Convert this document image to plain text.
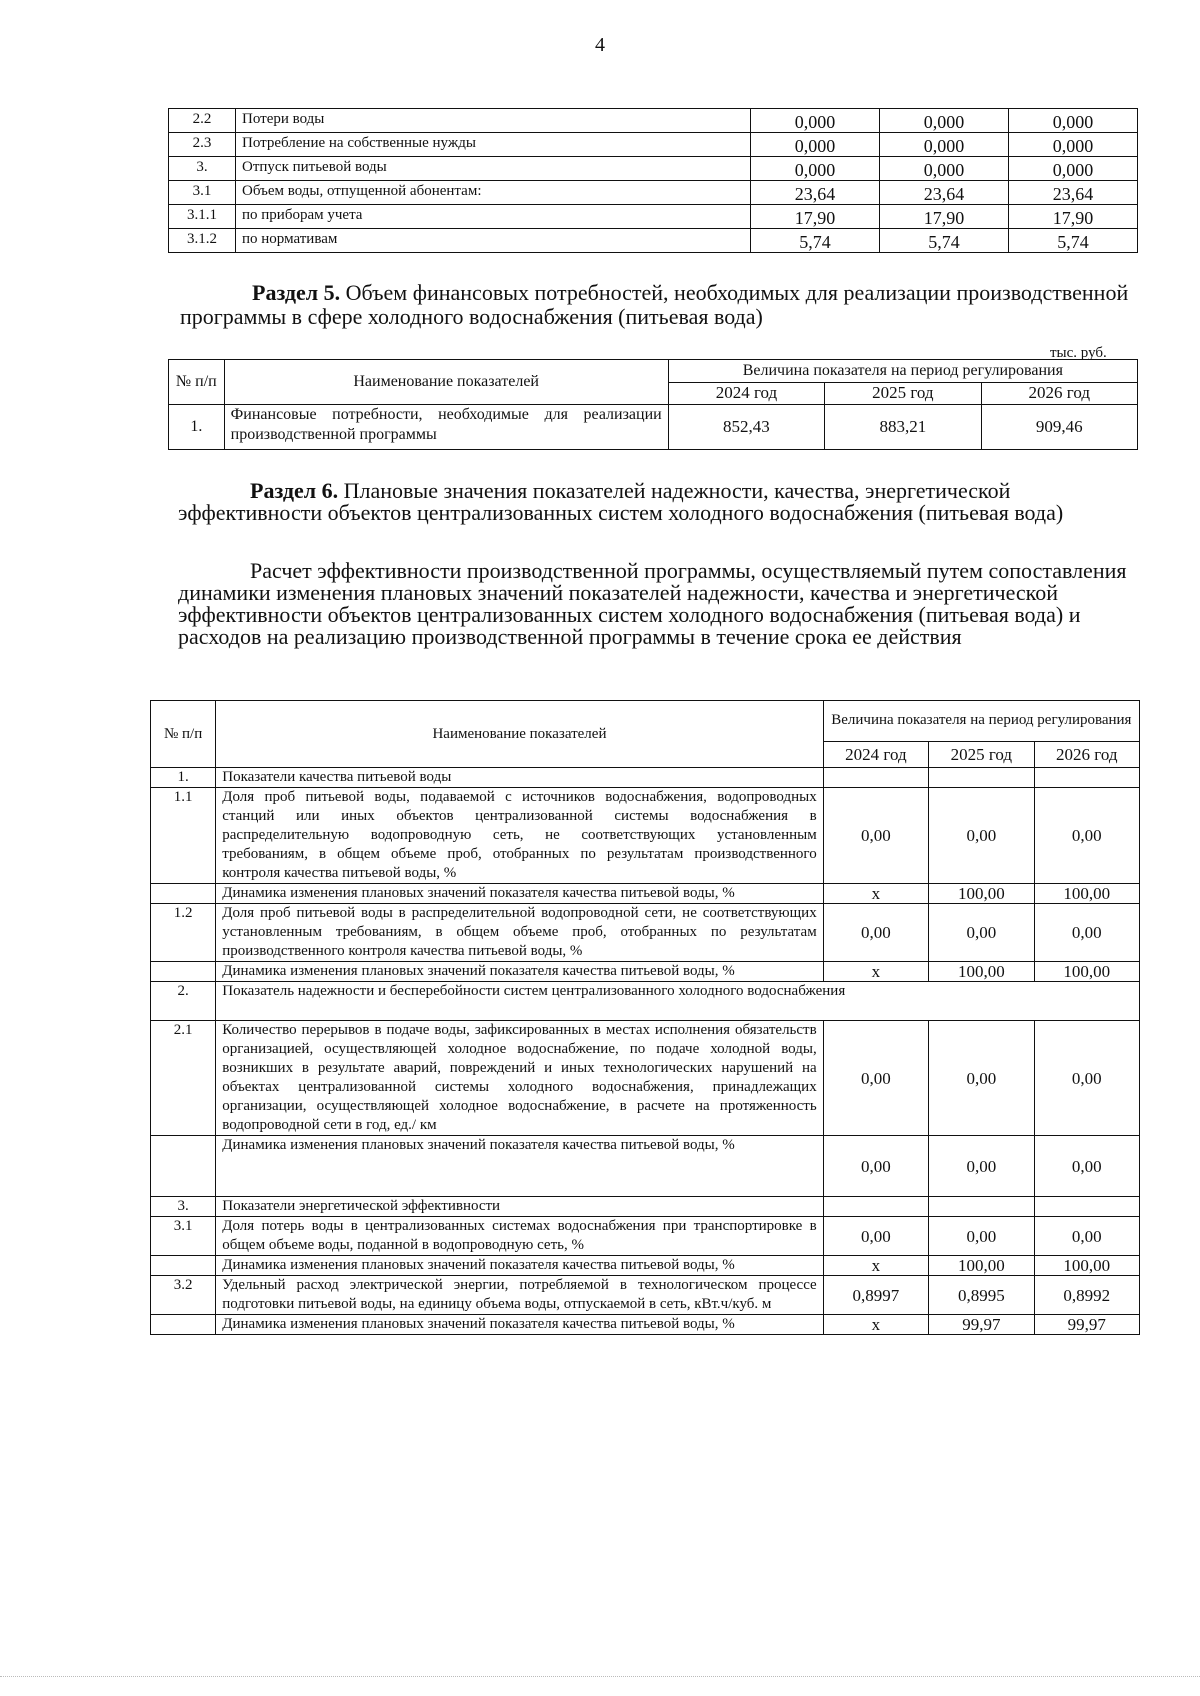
4
2.2	Потери воды	0,000	0,000	0,000
2.3	Потребление на собственные нужды	0,000	0,000	0,000
3.	Отпуск питьевой воды	0,000	0,000	0,000
3.1	Объем воды, отпущенной абонентам:	23,64	23,64	23,64
3.1.1	по приборам учета	17,90	17,90	17,90
3.1.2	по нормативам	5,74	5,74	5,74
Раздел 5. Объем финансовых потребностей, необходимых для реализации производственной программы в сфере холодного водоснабжения (питьевая вода)
тыс. руб.
№ п/п	Наименование показателей	Величина показателя на период регулирования		
		2024 год	2025 год	2026 год
1.	Финансовые потребности, необходимые для реализации производственной программы	852,43	883,21	909,46
Раздел 6. Плановые значения показателей надежности, качества, энергетической эффективности объектов централизованных систем холодного водоснабжения (питьевая вода)
Расчет эффективности производственной программы, осуществляемый путем сопоставления динамики изменения плановых значений показателей надежности, качества и энергетической эффективности объектов централизованных систем холодного водоснабжения (питьевая вода) и расходов на реализацию производственной программы в течение срока ее действия
№ п/п	Наименование показателей	Величина показателя на период регулирования		
		2024 год	2025 год	2026 год
1.	Показатели качества питьевой воды			
1.1	Доля проб питьевой воды, подаваемой с источников водоснабжения, водопроводных станций или иных объектов централизованной системы водоснабжения в распределительную водопроводную сеть, не соответствующих установленным требованиям, в общем объеме проб, отобранных по результатам производственного контроля качества питьевой воды, %	0,00	0,00	0,00
	Динамика изменения плановых значений показателя качества питьевой воды, %	х	100,00	100,00
1.2	Доля проб питьевой воды в распределительной водопроводной сети, не соответствующих установленным требованиям, в общем объеме проб, отобранных по результатам производственного контроля качества питьевой воды, %	0,00	0,00	0,00
	Динамика изменения плановых значений показателя качества питьевой воды, %	х	100,00	100,00
2.	Показатель надежности и бесперебойности систем централизованного холодного водоснабжения			
2.1	Количество перерывов в подаче воды, зафиксированных в местах исполнения обязательств организацией, осуществляющей холодное водоснабжение, по подаче холодной воды, возникших в результате аварий, повреждений и иных технологических нарушений на объектах централизованной системы холодного водоснабжения, принадлежащих организации, осуществляющей холодное водоснабжение, в расчете на протяженность водопроводной сети в год, ед./ км	0,00	0,00	0,00
	Динамика изменения плановых значений показателя качества питьевой воды, %	0,00	0,00	0,00
3.	Показатели энергетической эффективности			
3.1	Доля потерь воды в централизованных системах водоснабжения при транспортировке в общем объеме воды, поданной в водопроводную сеть, %	0,00	0,00	0,00
	Динамика изменения плановых значений показателя качества питьевой воды, %	х	100,00	100,00
3.2	Удельный расход электрической энергии, потребляемой в технологическом процессе подготовки питьевой воды, на единицу объема воды, отпускаемой в сеть, кВт.ч/куб. м	0,8997	0,8995	0,8992
	Динамика изменения плановых значений показателя качества питьевой воды, %	х	99,97	99,97
